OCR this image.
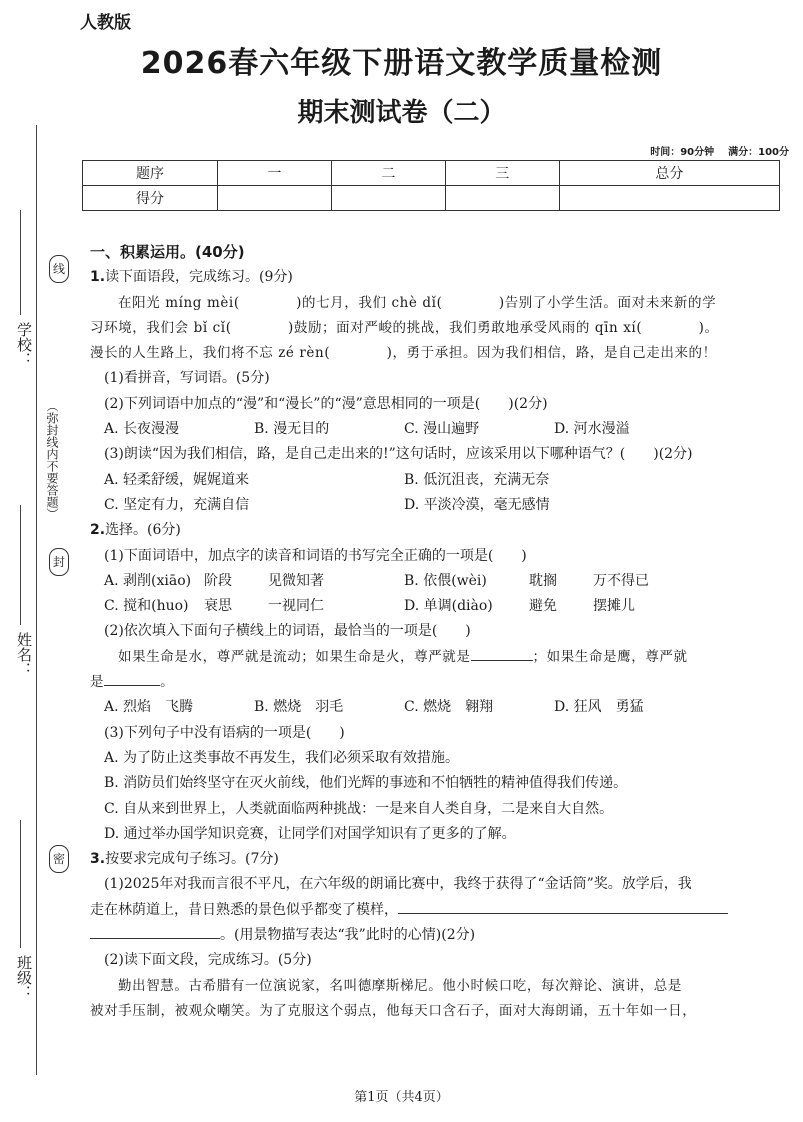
人教版
2026春六年级下册语文教学质量检测
期末测试卷（二）
时间：90分钟 满分：100分
题序	一	二	三	总分
得分				
线
封
密
（弥封线内不要答题）
学校：
姓名：
班级：

一、积累运用。(40分)

1.读下面语段，完成练习。(9分)

在阳光 míng mèi(　　　　)的七月，我们 chè dǐ(　　　　)告别了小学生活。面对未来新的学

习环境，我们会 bǐ cǐ(　　　　)鼓励；面对严峻的挑战，我们勇敢地承受风雨的 qīn xí(　　　　)。

漫长的人生路上，我们将不忘 zé rèn(　　　　)，勇于承担。因为我们相信，路，是自己走出来的！

(1)看拼音，写词语。(5分)

(2)下列词语中加点的“漫”和“漫长”的“漫”意思相同的一项是(　　)(2分)

A. 长夜漫漫	B. 漫无目的	C. 漫山遍野	D. 河水漫溢

(3)朗读“因为我们相信，路，是自己走出来的!”这句话时，应该采用以下哪种语气？(　　)(2分)

A. 轻柔舒缓，娓娓道来	B. 低沉沮丧，充满无奈
C. 坚定有力，充满自信	D. 平淡冷漠，毫无感情

2.选择。(6分)

(1)下面词语中，加点字的读音和词语的书写完全正确的一项是(　　)

A. 剥削(xiāo) 阶段	见微知著	B. 依偎(wèi)	耽搁	万不得已
C. 搅和(huo)	衰思	一视同仁	D. 单调(diào)	避免	摆摊儿

(2)依次填入下面句子横线上的词语，最恰当的一项是(　　)

如果生命是水，尊严就是流动；如果生命是火，尊严就是	；如果生命是鹰，尊严就

是	。

A. 烈焰　飞腾	B. 燃烧　羽毛	C. 燃烧　翱翔	D. 狂风　勇猛

(3)下列句子中没有语病的一项是(　　)

A. 为了防止这类事故不再发生，我们必须采取有效措施。

B. 消防员们始终坚守在灭火前线，他们光辉的事迹和不怕牺牲的精神值得我们传递。

C. 自从来到世界上，人类就面临两种挑战：一是来自人类自身，二是来自大自然。

D. 通过举办国学知识竞赛，让同学们对国学知识有了更多的了解。

3.按要求完成句子练习。(7分)

(1)2025年对我而言很不平凡，在六年级的朗诵比赛中，我终于获得了“金话筒”奖。放学后，我

走在林荫道上，昔日熟悉的景色似乎都变了模样，

。(用景物描写表达“我”此时的心情)(2分)

(2)读下面文段，完成练习。(5分)

勤出智慧。古希腊有一位演说家，名叫德摩斯梯尼。他小时候口吃，每次辩论、演讲，总是

被对手压制，被观众嘲笑。为了克服这个弱点，他每天口含石子，面对大海朗诵，五十年如一日，

第1页（共4页）
